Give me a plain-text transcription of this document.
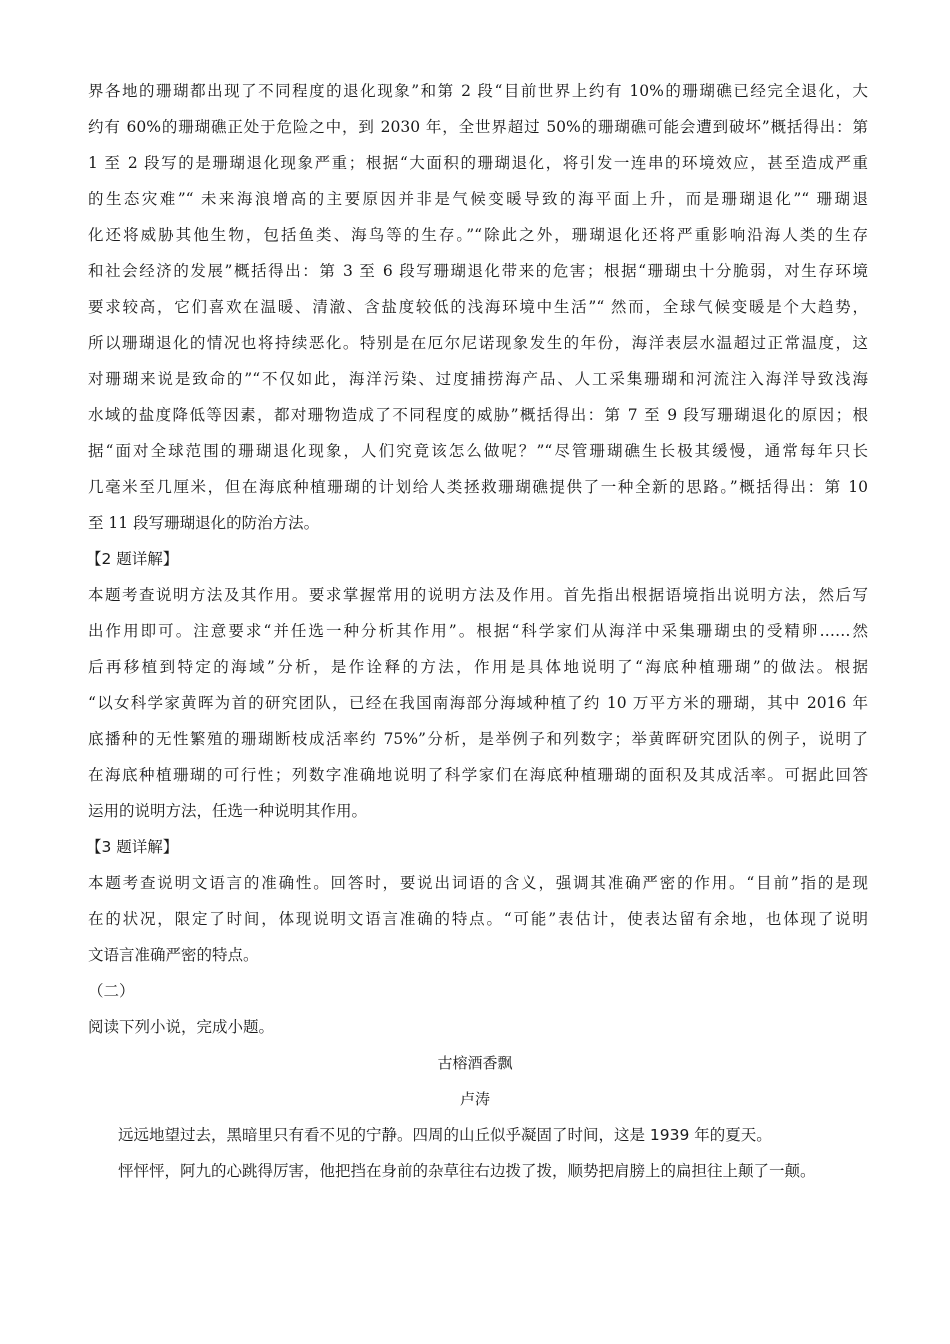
界各地的珊瑚都出现了不同程度的退化现象”和第 2 段“目前世界上约有 10%的珊瑚礁已经完全退化，大
约有 60%的珊瑚礁正处于危险之中，到 2030 年，全世界超过 50%的珊瑚礁可能会遭到破坏”概括得出：第
1 至 2 段写的是珊瑚退化现象严重；根据“大面积的珊瑚退化，将引发一连串的环境效应，甚至造成严重
的生态灾难”“ 未来海浪增高的主要原因并非是气候变暖导致的海平面上升，而是珊瑚退化”“ 珊瑚退
化还将威胁其他生物，包括鱼类、海鸟等的生存。”“除此之外，珊瑚退化还将严重影响沿海人类的生存
和社会经济的发展”概括得出：第 3 至 6 段写珊瑚退化带来的危害；根据“珊瑚虫十分脆弱，对生存环境
要求较高，它们喜欢在温暖、清澈、含盐度较低的浅海环境中生活”“ 然而，全球气候变暖是个大趋势，
所以珊瑚退化的情况也将持续恶化。特别是在厄尔尼诺现象发生的年份，海洋表层水温超过正常温度，这
对珊瑚来说是致命的”“不仅如此，海洋污染、过度捕捞海产品、人工采集珊瑚和河流注入海洋导致浅海
水域的盐度降低等因素，都对珊物造成了不同程度的威胁”概括得出：第 7 至 9 段写珊瑚退化的原因；根
据“面对全球范围的珊瑚退化现象，人们究竟该怎么做呢？”“尽管珊瑚礁生长极其缓慢，通常每年只长
几毫米至几厘米，但在海底种植珊瑚的计划给人类拯救珊瑚礁提供了一种全新的思路。”概括得出：第 10
至 11 段写珊瑚退化的防治方法。
【2 题详解】
本题考查说明方法及其作用。要求掌握常用的说明方法及作用。首先指出根据语境指出说明方法，然后写
出作用即可。注意要求“并任选一种分析其作用”。根据“科学家们从海洋中采集珊瑚虫的受精卵……然
后再移植到特定的海域”分析，是作诠释的方法，作用是具体地说明了“海底种植珊瑚”的做法。根据
“以女科学家黄晖为首的研究团队，已经在我国南海部分海域种植了约 10 万平方米的珊瑚，其中 2016 年
底播种的无性繁殖的珊瑚断枝成活率约 75%”分析，是举例子和列数字；举黄晖研究团队的例子，说明了
在海底种植珊瑚的可行性；列数字准确地说明了科学家们在海底种植珊瑚的面积及其成活率。可据此回答
运用的说明方法，任选一种说明其作用。
【3 题详解】
本题考查说明文语言的准确性。回答时，要说出词语的含义，强调其准确严密的作用。“目前”指的是现
在的状况，限定了时间，体现说明文语言准确的特点。“可能”表估计，使表达留有余地，也体现了说明
文语言准确严密的特点。
（二）
阅读下列小说，完成小题。
古榕酒香飘
卢涛
远远地望过去，黑暗里只有看不见的宁静。四周的山丘似乎凝固了时间，这是 1939 年的夏天。
怦怦怦，阿九的心跳得厉害，他把挡在身前的杂草往右边拨了拨，顺势把肩膀上的扁担往上颠了一颠。
